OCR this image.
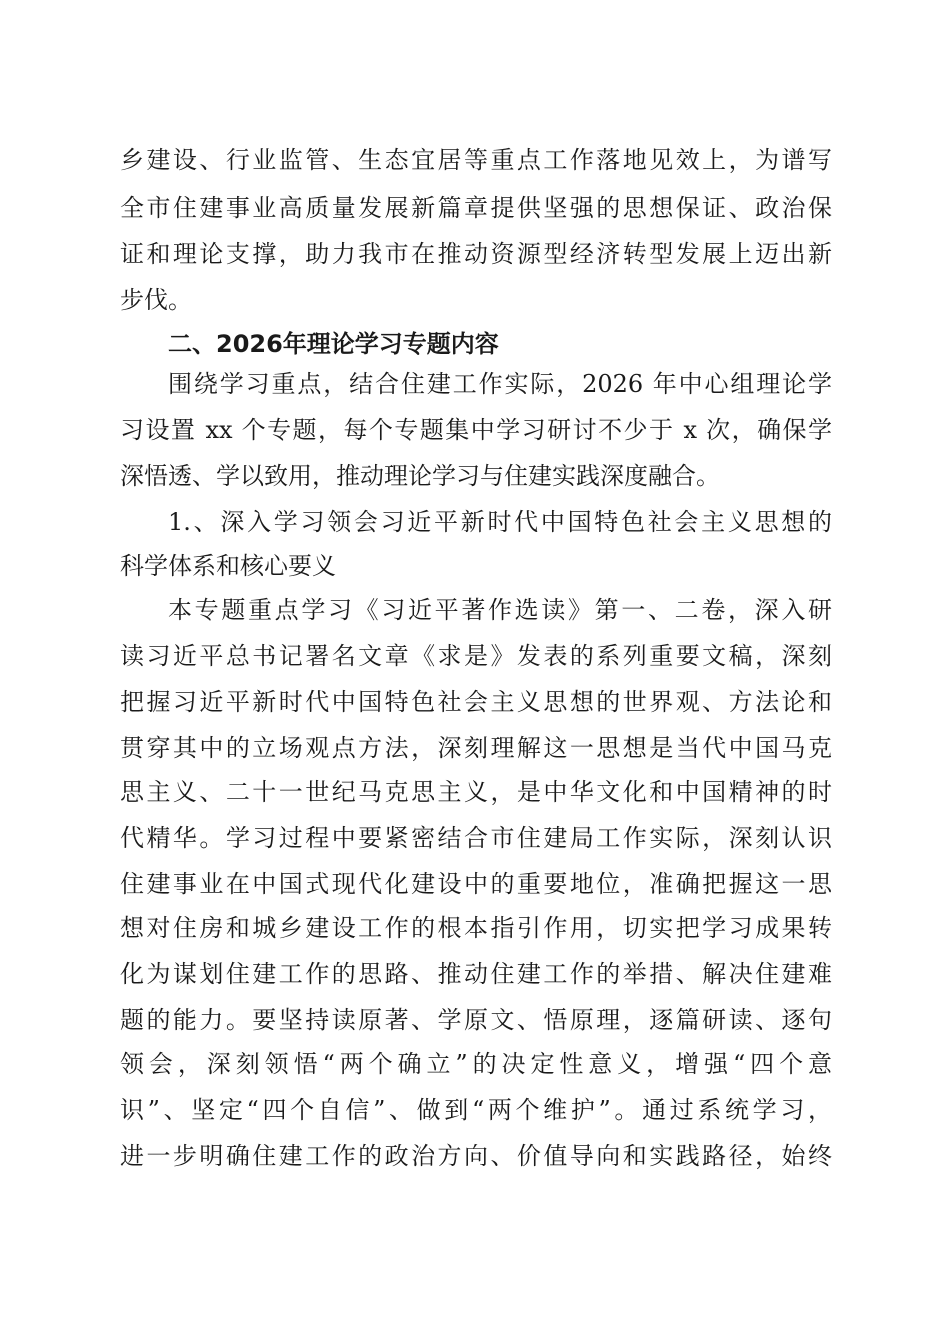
乡建设、行业监管、生态宜居等重点工作落地见效上，为谱写
全市住建事业高质量发展新篇章提供坚强的思想保证、政治保
证和理论支撑，助力我市在推动资源型经济转型发展上迈出新
步伐。
二、2026年理论学习专题内容
围绕学习重点，结合住建工作实际，2026 年中心组理论学
习设置 xx 个专题，每个专题集中学习研讨不少于 x 次，确保学
深悟透、学以致用，推动理论学习与住建实践深度融合。
1.、深入学习领会习近平新时代中国特色社会主义思想的
科学体系和核心要义
本专题重点学习《习近平著作选读》第一、二卷，深入研
读习近平总书记署名文章《求是》发表的系列重要文稿，深刻
把握习近平新时代中国特色社会主义思想的世界观、方法论和
贯穿其中的立场观点方法，深刻理解这一思想是当代中国马克
思主义、二十一世纪马克思主义，是中华文化和中国精神的时
代精华。学习过程中要紧密结合市住建局工作实际，深刻认识
住建事业在中国式现代化建设中的重要地位，准确把握这一思
想对住房和城乡建设工作的根本指引作用，切实把学习成果转
化为谋划住建工作的思路、推动住建工作的举措、解决住建难
题的能力。要坚持读原著、学原文、悟原理，逐篇研读、逐句
领会，深刻领悟“两个确立”的决定性意义，增强“四个意
识”、坚定“四个自信”、做到“两个维护”。通过系统学习，
进一步明确住建工作的政治方向、价值导向和实践路径，始终
